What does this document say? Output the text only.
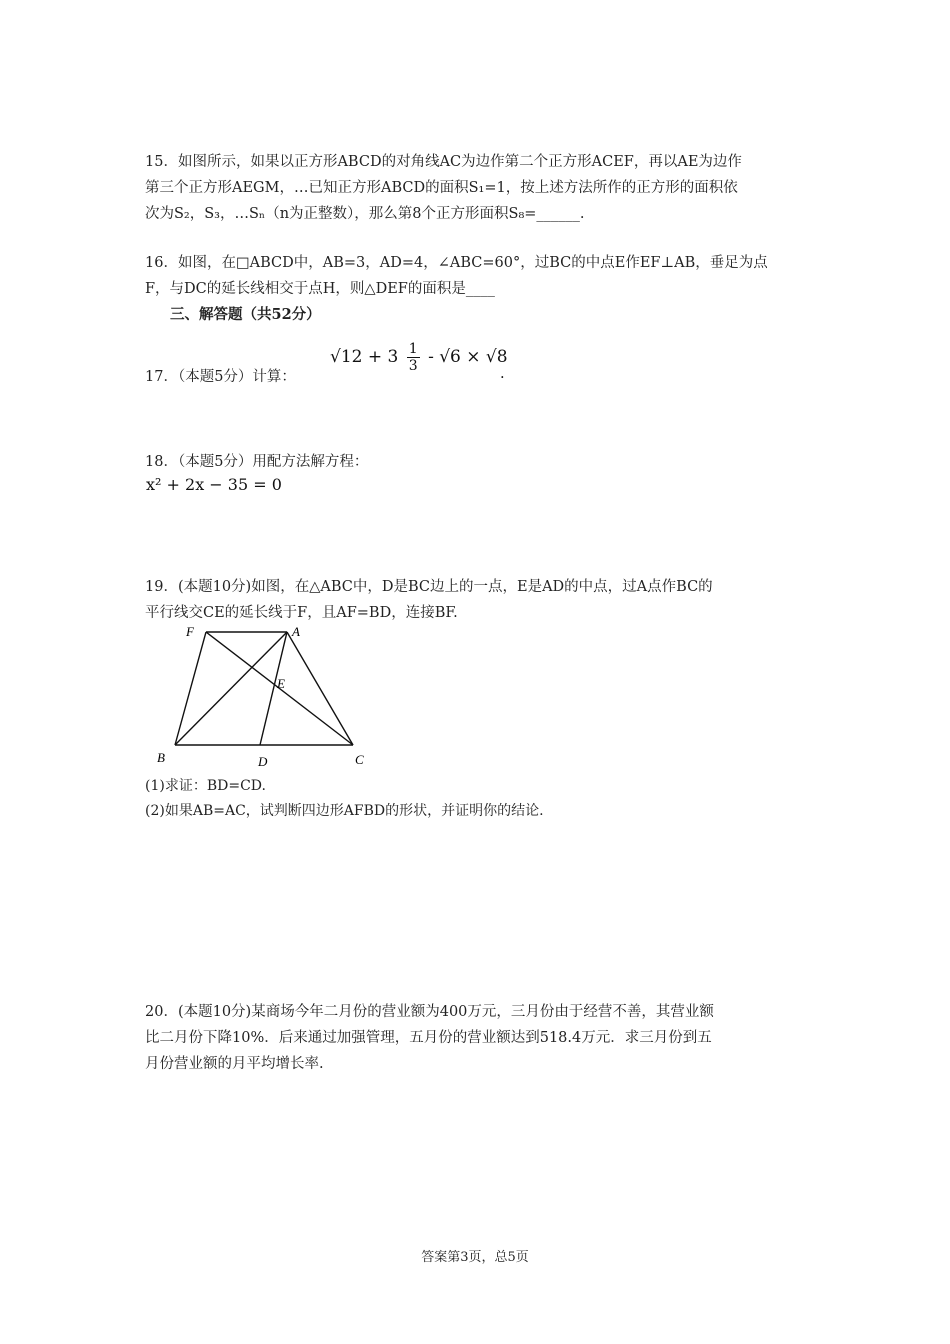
15．如图所示，如果以正方形ABCD的对角线AC为边作第二个正方形ACEF，再以AE为边作
第三个正方形AEGM，…已知正方形ABCD的面积S₁=1，按上述方法所作的正方形的面积依
次为S₂，S₃，…Sₙ（n为正整数），那么第8个正方形面积S₈=______.
16．如图，在□ABCD中，AB=3，AD=4，∠ABC=60°，过BC的中点E作EF⊥AB，垂足为点
F，与DC的延长线相交于点H，则△DEF的面积是____
三、解答题（共52分）
17．（本题5分）计算：
$√12 + 3 \frac{1}{3} - √6 \times √8$
.
18．（本题5分）用配方法解方程：
x² + 2x − 35 = 0
19．(本题10分)如图，在△ABC中，D是BC边上的一点，E是AD的中点，过A点作BC的
平行线交CE的延长线于F，且AF=BD，连接BF.
F	A
E
B	D	C
(1)求证：BD=CD.
(2)如果AB=AC，试判断四边形AFBD的形状，并证明你的结论.
20．(本题10分)某商场今年二月份的营业额为400万元，三月份由于经营不善，其营业额
比二月份下降10%．后来通过加强管理，五月份的营业额达到518.4万元．求三月份到五
月份营业额的月平均增长率.
答案第3页，总5页
